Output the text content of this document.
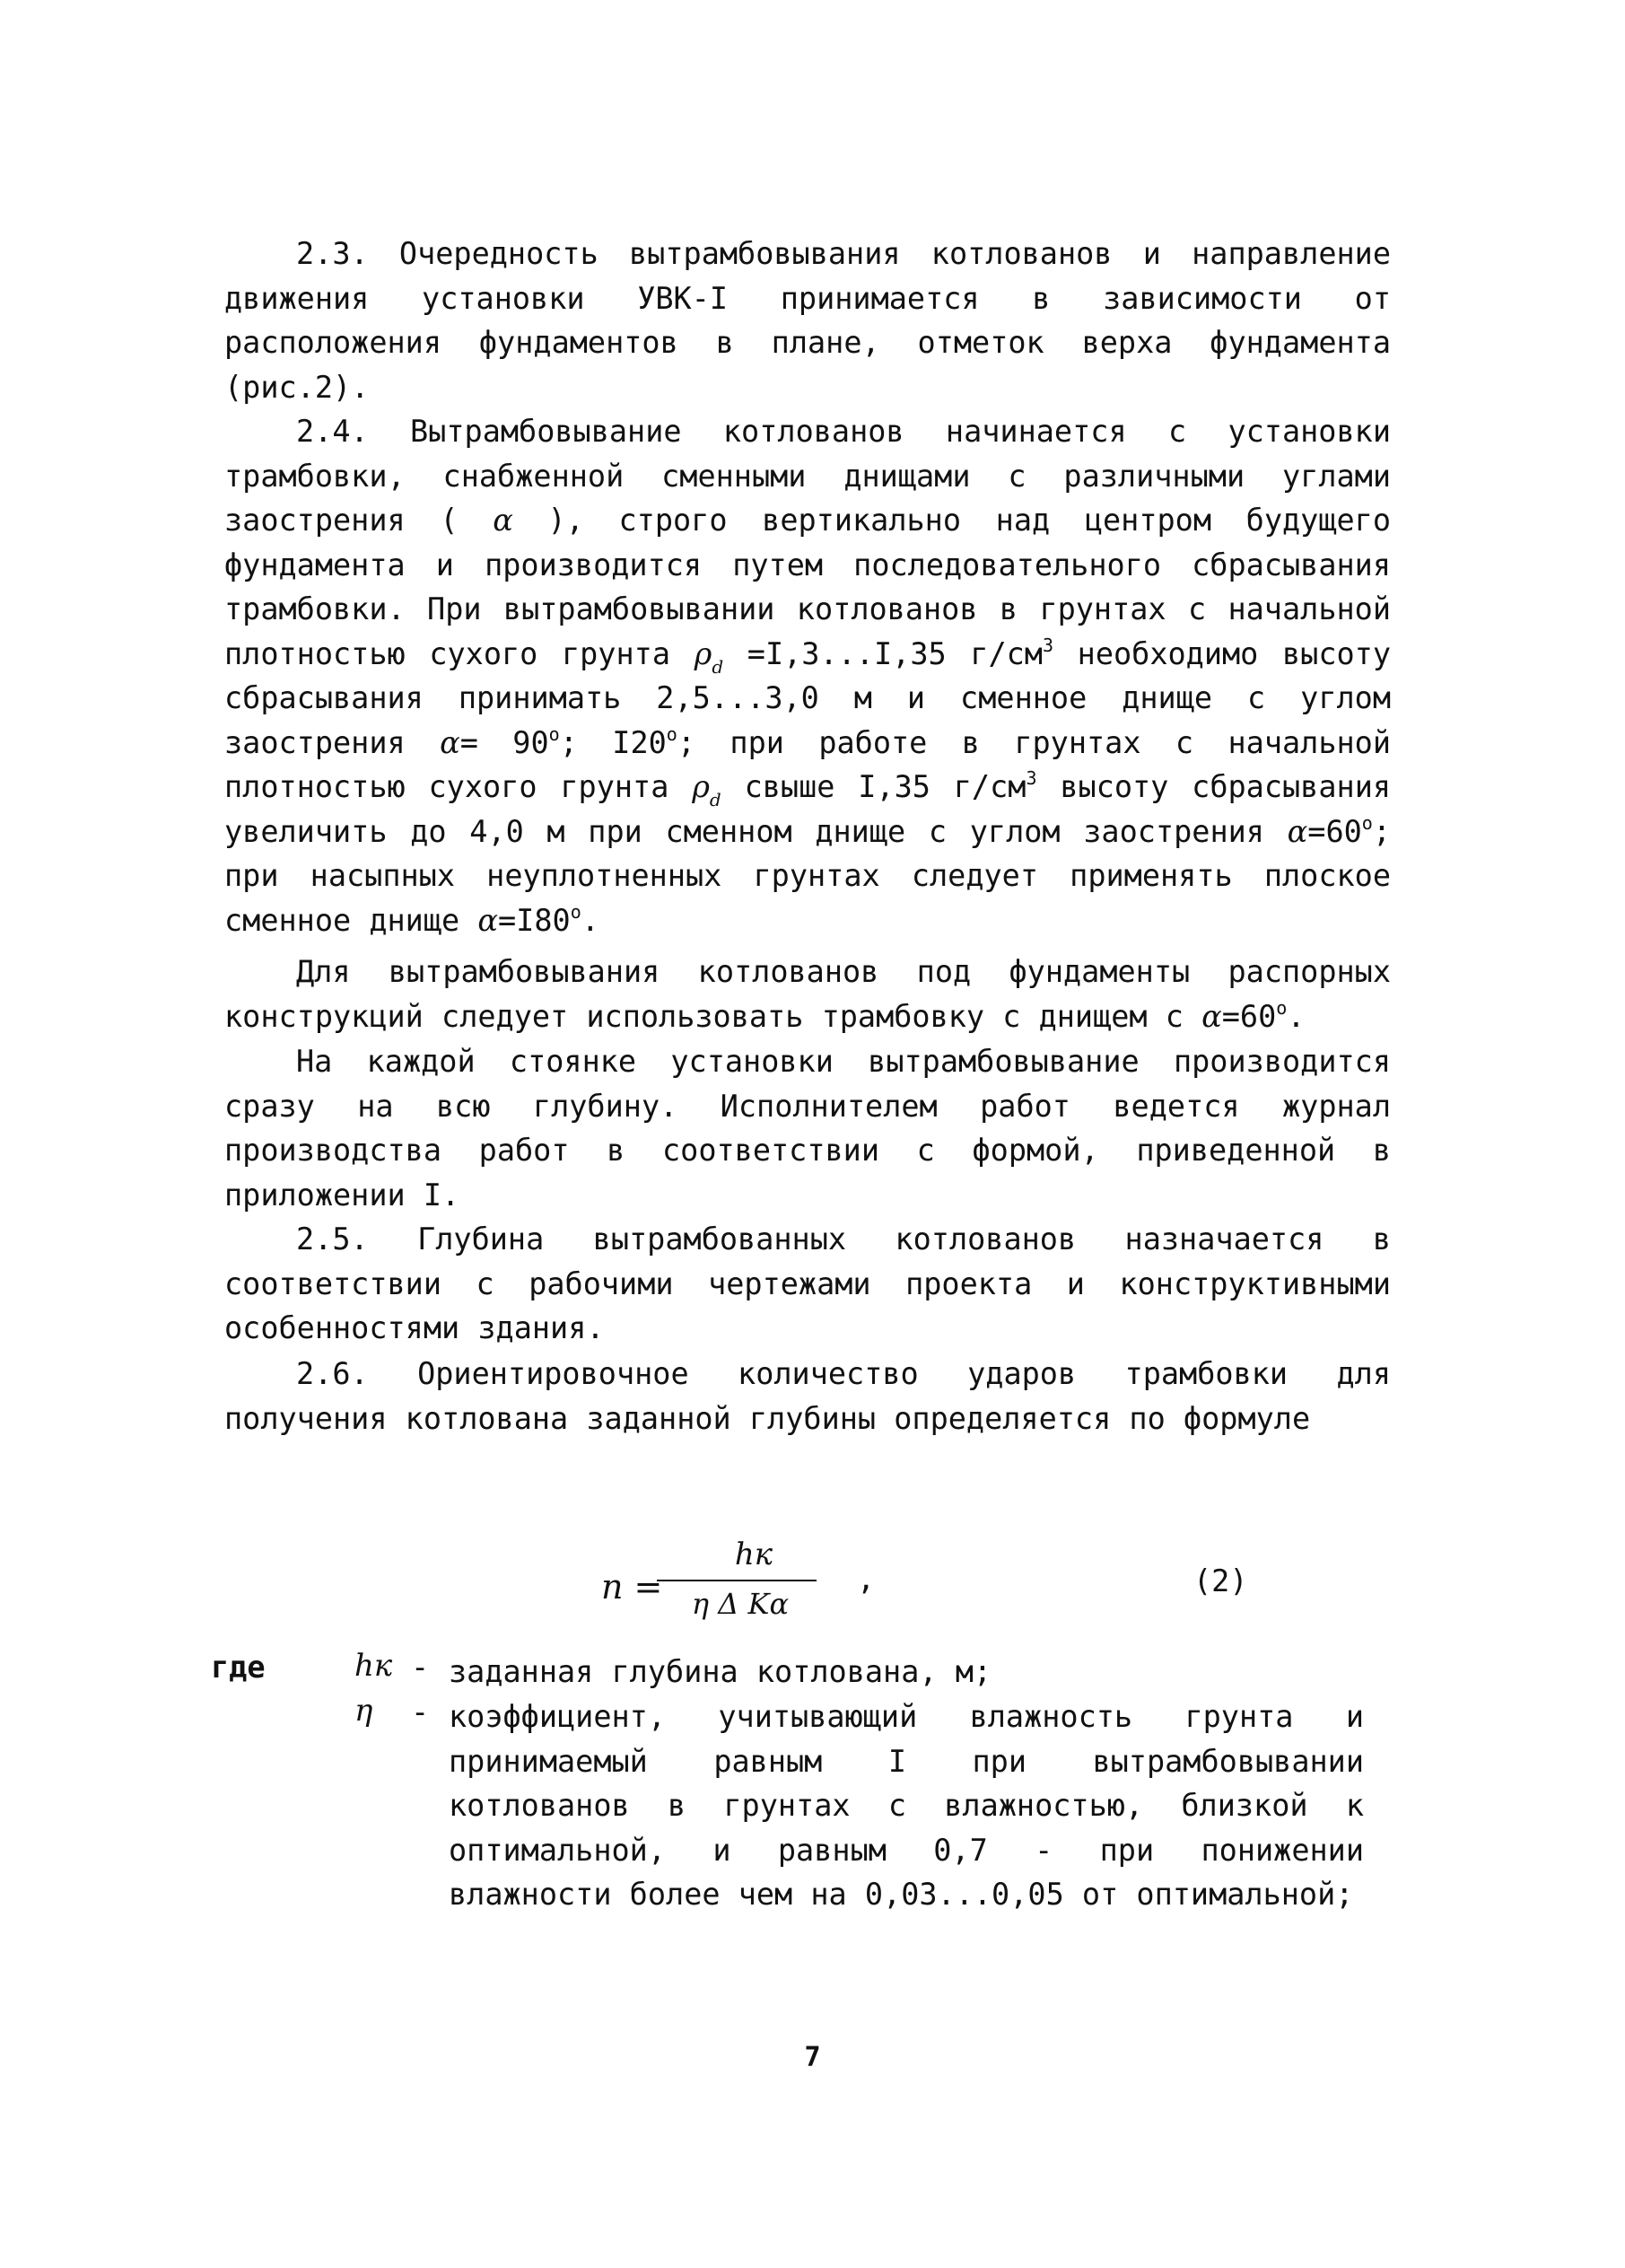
2.3. Очередность вытрамбовывания котлованов и направление движения установки УВК-I принимается в зависимости от расположения фундаментов в плане, отметок верха фундамента (рис.2).

2.4. Вытрамбовывание котлованов начинается с установки трамбовки, снабженной сменными днищами с различными углами заострения ( α ), строго вертикально над центром будущего фундамента и производится путем последовательного сбрасывания трамбовки. При вытрамбовывании котлованов в грунтах с начальной плотностью сухого грунта $\rho_d =I,3...I,35$ $г/см^3$ необходимо высоту сбрасывания принимать 2,5...3,0 м и сменное днище с углом заострения $\alpha= 90^o$; I20$^o$; при работе в грунтах с начальной плотностью сухого грунта $\rho_d$ свыше I,35 $г/см^3$ высоту сбрасывания увеличить до 4,0 м при сменном днище с углом заострения $\alpha=60^o$; при насыпных неуплотненных грунтах следует применять плоское сменное днище $\alpha=I80^o$.

Для вытрамбовывания котлованов под фундаменты распорных конструкций следует использовать трамбовку с днищем с $\alpha=60^o$.

На каждой стоянке установки вытрамбовывание производится сразу на всю глубину. Исполнителем работ ведется журнал производства работ в соответствии с формой, приведенной в приложении I.

2.5. Глубина вытрамбованных котлованов назначается в соответствии с рабочими чертежами проекта и конструктивными особенностями здания.

2.6. Ориентировочное количество ударов трамбовки для получения котлована заданной глубины определяется по формуле

n =
hк
η Δ Kα
,	(2)
где	hк - заданная глубина котлована, м;

η - коэффициент, учитывающий влажность грунта и принимаемый равным I при вытрамбовывании котлованов в грунтах с влажностью, близкой к оптимальной, и равным 0,7 - при понижении влажности более чем на 0,03...0,05 от оптимальной;

7
